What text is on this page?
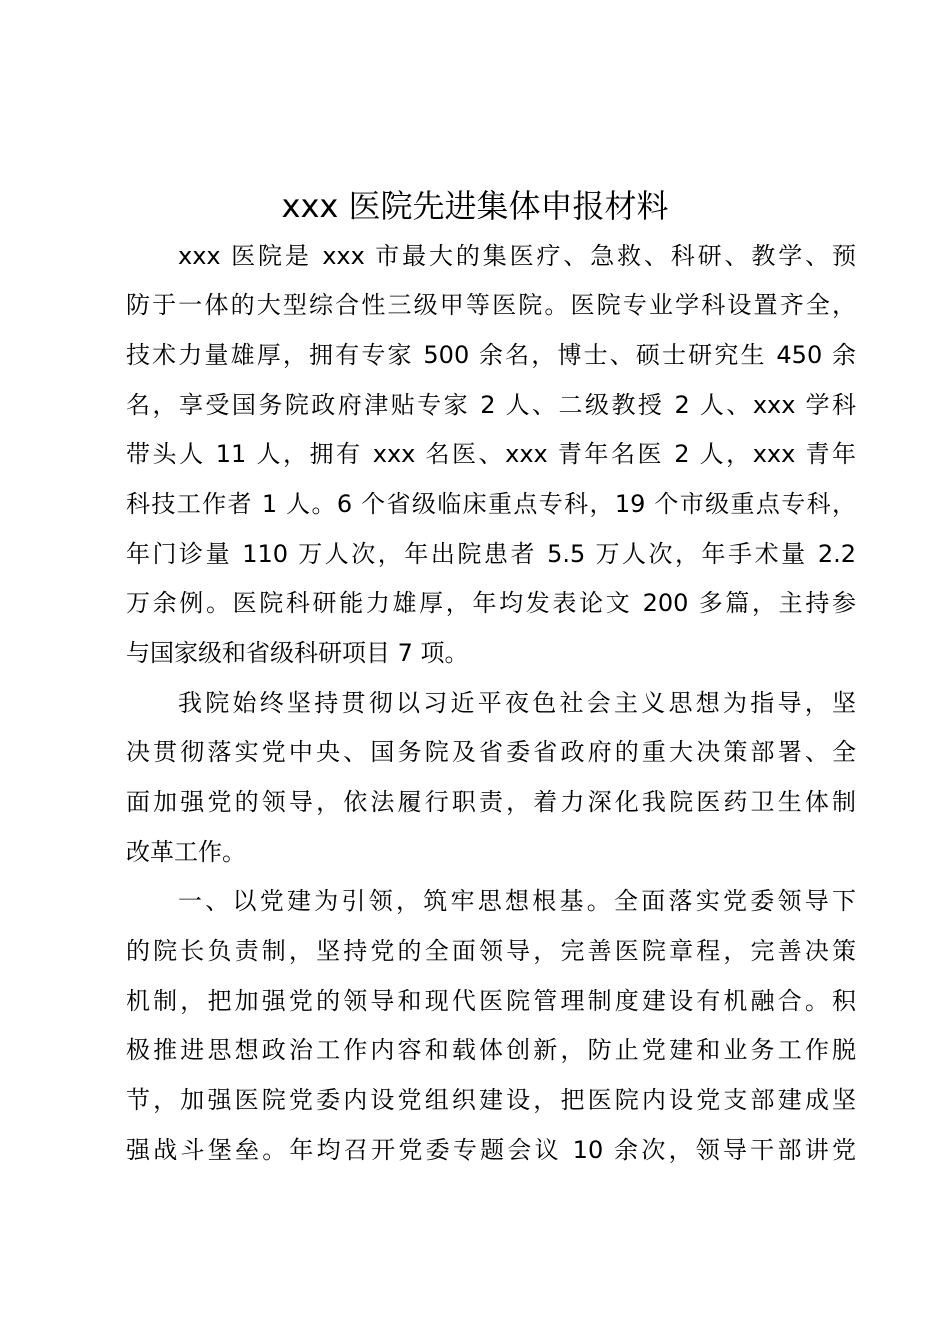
xxx 医院先进集体申报材料
xxx 医院是 xxx 市最大的集医疗、急救、科研、教学、预
防于一体的大型综合性三级甲等医院。医院专业学科设置齐全，
技术力量雄厚，拥有专家 500 余名，博士、硕士研究生 450 余
名，享受国务院政府津贴专家 2 人、二级教授 2 人、xxx 学科
带头人 11 人，拥有 xxx 名医、xxx 青年名医 2 人，xxx 青年
科技工作者 1 人。6 个省级临床重点专科，19 个市级重点专科，
年门诊量 110 万人次，年出院患者 5.5 万人次，年手术量 2.2
万余例。医院科研能力雄厚，年均发表论文 200 多篇，主持参
与国家级和省级科研项目 7 项。
我院始终坚持贯彻以习近平夜色社会主义思想为指导，坚
决贯彻落实党中央、国务院及省委省政府的重大决策部署、全
面加强党的领导，依法履行职责，着力深化我院医药卫生体制
改革工作。
一、以党建为引领，筑牢思想根基。全面落实党委领导下
的院长负责制，坚持党的全面领导，完善医院章程，完善决策
机制，把加强党的领导和现代医院管理制度建设有机融合。积
极推进思想政治工作内容和载体创新，防止党建和业务工作脱
节，加强医院党委内设党组织建设，把医院内设党支部建成坚
强战斗堡垒。年均召开党委专题会议 10 余次，领导干部讲党
